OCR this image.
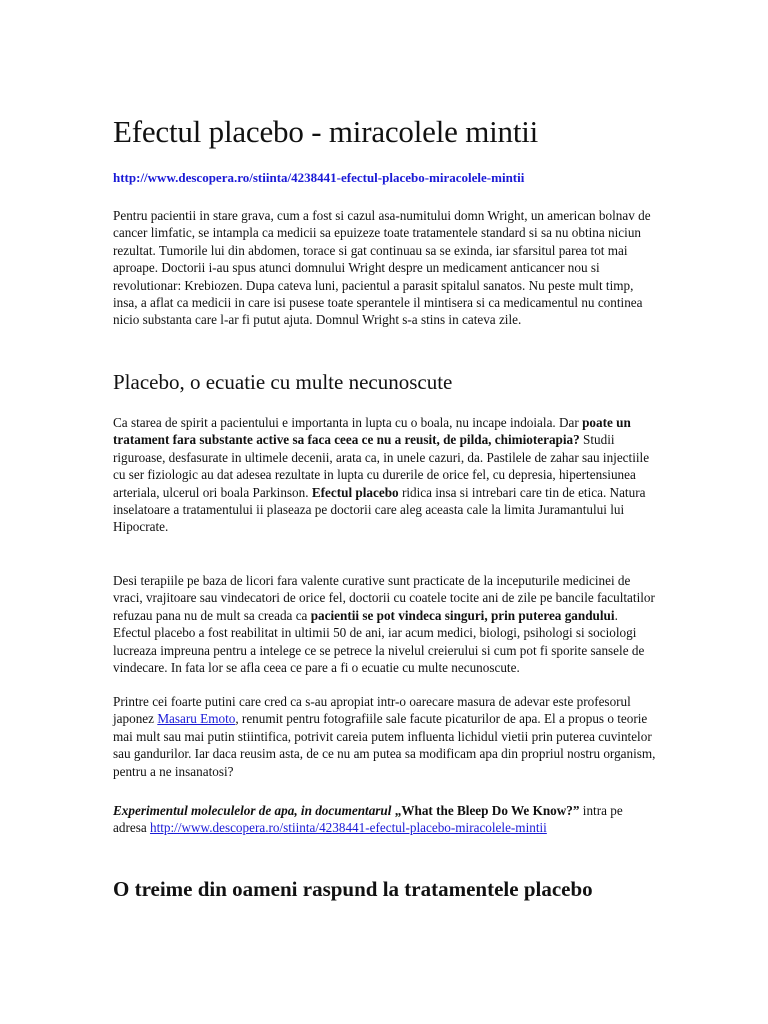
Efectul placebo - miracolele mintii
http://www.descopera.ro/stiinta/4238441-efectul-placebo-miracolele-mintii

Pentru pacientii in stare grava, cum a fost si cazul asa-numitului domn Wright, un american bolnav de cancer limfatic, se intampla ca medicii sa epuizeze toate tratamentele standard si sa nu obtina niciun rezultat. Tumorile lui din abdomen, torace si gat continuau sa se exinda, iar sfarsitul parea tot mai aproape. Doctorii i-au spus atunci domnului Wright despre un medicament anticancer nou si revolutionar: Krebiozen. Dupa cateva luni, pacientul a parasit spitalul sanatos. Nu peste mult timp, insa, a aflat ca medicii in care isi pusese toate sperantele il mintisera si ca medicamentul nu continea nicio substanta care l-ar fi putut ajuta. Domnul Wright s-a stins in cateva zile.

Placebo, o ecuatie cu multe necunoscute

Ca starea de spirit a pacientului e importanta in lupta cu o boala, nu incape indoiala. Dar poate un tratament fara substante active sa faca ceea ce nu a reusit, de pilda, chimioterapia? Studii riguroase, desfasurate in ultimele decenii, arata ca, in unele cazuri, da. Pastilele de zahar sau injectiile cu ser fiziologic au dat adesea rezultate in lupta cu durerile de orice fel, cu depresia, hipertensiunea arteriala, ulcerul ori boala Parkinson. Efectul placebo ridica insa si intrebari care tin de etica. Natura inselatoare a tratamentului ii plaseaza pe doctorii care aleg aceasta cale la limita Juramantului lui Hipocrate.

Desi terapiile pe baza de licori fara valente curative sunt practicate de la inceputurile medicinei de vraci, vrajitoare sau vindecatori de orice fel, doctorii cu coatele tocite ani de zile pe bancile facultatilor refuzau pana nu de mult sa creada ca pacientii se pot vindeca singuri, prin puterea gandului. Efectul placebo a fost reabilitat in ultimii 50 de ani, iar acum medici, biologi, psihologi si sociologi lucreaza impreuna pentru a intelege ce se petrece la nivelul creierului si cum pot fi sporite sansele de vindecare. In fata lor se afla ceea ce pare a fi o ecuatie cu multe necunoscute.

Printre cei foarte putini care cred ca s-au apropiat intr-o oarecare masura de adevar este profesorul japonez Masaru Emoto, renumit pentru fotografiile sale facute picaturilor de apa. El a propus o teorie mai mult sau mai putin stiintifica, potrivit careia putem influenta lichidul vietii prin puterea cuvintelor sau gandurilor. Iar daca reusim asta, de ce nu am putea sa modificam apa din propriul nostru organism, pentru a ne insanatosi?

Experimentul moleculelor de apa, in documentarul „What the Bleep Do We Know?” intra pe adresa http://www.descopera.ro/stiinta/4238441-efectul-placebo-miracolele-mintii

O treime din oameni raspund la tratamentele placebo
